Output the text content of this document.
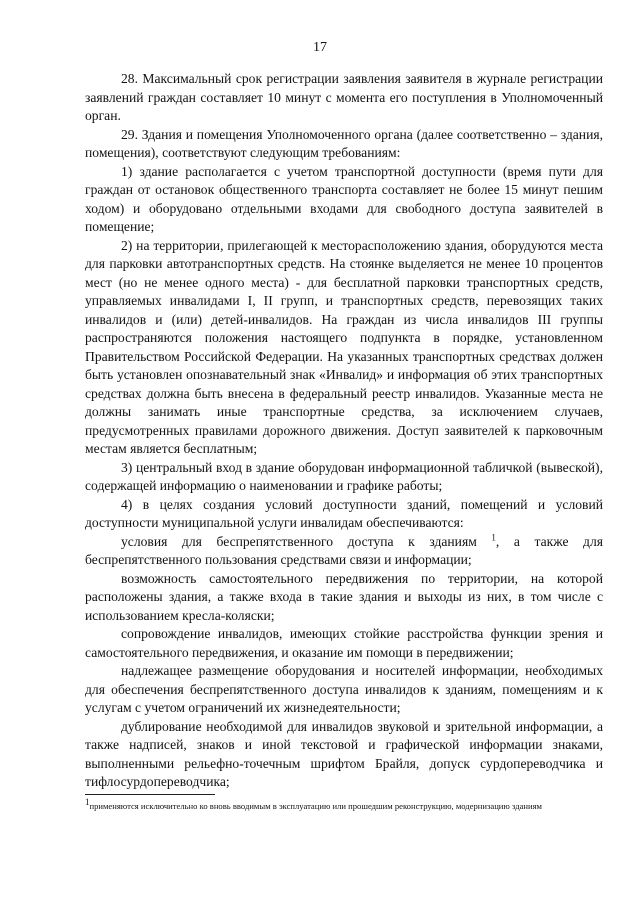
17

28. Максимальный срок регистрации заявления заявителя в журнале регистрации заявлений граждан составляет 10 минут с момента его поступления в Уполномоченный орган.

29. Здания и помещения Уполномоченного органа (далее соответственно – здания, помещения), соответствуют следующим требованиям:

1) здание располагается с учетом транспортной доступности (время пути для граждан от остановок общественного транспорта составляет не более 15 минут пешим ходом) и оборудовано отдельными входами для свободного доступа заявителей в помещение;

2) на территории, прилегающей к месторасположению здания, оборудуются места для парковки автотранспортных средств. На стоянке выделяется не менее 10 процентов мест (но не менее одного места) - для бесплатной парковки транспортных средств, управляемых инвалидами I, II групп, и транспортных средств, перевозящих таких инвалидов и (или) детей-инвалидов. На граждан из числа инвалидов III группы распространяются положения настоящего подпункта в порядке, установленном Правительством Российской Федерации. На указанных транспортных средствах должен быть установлен опознавательный знак «Инвалид» и информация об этих транспортных средствах должна быть внесена в федеральный реестр инвалидов. Указанные места не должны занимать иные транспортные средства, за исключением случаев, предусмотренных правилами дорожного движения. Доступ заявителей к парковочным местам является бесплатным;

3) центральный вход в здание оборудован информационной табличкой (вывеской), содержащей информацию о наименовании и графике работы;

4) в целях создания условий доступности зданий, помещений и условий доступности муниципальной услуги инвалидам обеспечиваются:

условия для беспрепятственного доступа к зданиям $^1$, а также для беспрепятственного пользования средствами связи и информации;

возможность самостоятельного передвижения по территории, на которой расположены здания, а также входа в такие здания и выходы из них, в том числе с использованием кресла-коляски;

сопровождение инвалидов, имеющих стойкие расстройства функции зрения и самостоятельного передвижения, и оказание им помощи в передвижении;

надлежащее размещение оборудования и носителей информации, необходимых для обеспечения беспрепятственного доступа инвалидов к зданиям, помещениям и к услугам с учетом ограничений их жизнедеятельности;

дублирование необходимой для инвалидов звуковой и зрительной информации, а также надписей, знаков и иной текстовой и графической информации знаками, выполненными рельефно-точечным шрифтом Брайля, допуск сурдопереводчика и тифлосурдопереводчика;

$^1$применяются исключительно ко вновь вводимым в эксплуатацию или прошедшим реконструкцию, модернизацию зданиям
